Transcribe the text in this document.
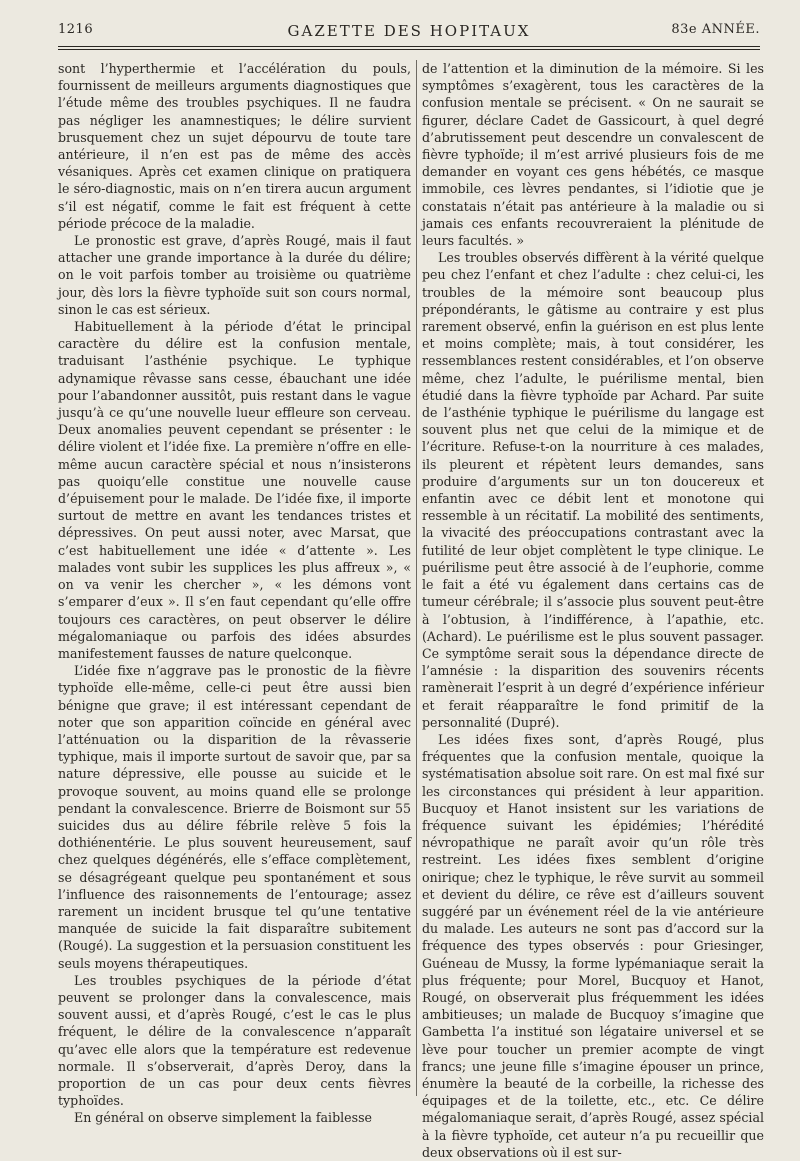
1216	GAZETTE DES HOPITAUX	83e ANNÉE.

sont l’hyperthermie et l’accélération du pouls, fournissent de meilleurs arguments diagnostiques que l’étude même des troubles psychiques. Il ne faudra pas négliger les anamnestiques; le délire survient brusquement chez un sujet dépourvu de toute tare antérieure, il n’en est pas de même des accès vésaniques. Après cet examen clinique on pratiquera le séro-diagnostic, mais on n’en tirera aucun argument s’il est négatif, comme le fait est fréquent à cette période précoce de la maladie.

Le pronostic est grave, d’après Rougé, mais il faut attacher une grande importance à la durée du délire; on le voit parfois tomber au troisième ou quatrième jour, dès lors la fièvre typhoïde suit son cours normal, sinon le cas est sérieux.

Habituellement à la période d’état le principal caractère du délire est la confusion mentale, traduisant l’asthénie psychique. Le typhique adynamique rêvasse sans cesse, ébauchant une idée pour l’abandonner aussitôt, puis restant dans le vague jusqu’à ce qu’une nouvelle lueur effleure son cerveau. Deux anomalies peuvent cependant se présenter : le délire violent et l’idée fixe. La première n’offre en elle-même aucun caractère spécial et nous n’insisterons pas quoiqu’elle constitue une nouvelle cause d’épuisement pour le malade. De l’idée fixe, il importe surtout de mettre en avant les tendances tristes et dépressives. On peut aussi noter, avec Marsat, que c’est habituellement une idée « d’attente ». Les malades vont subir les supplices les plus affreux », « on va venir les chercher », « les démons vont s’emparer d’eux ». Il s’en faut cependant qu’elle offre toujours ces caractères, on peut observer le délire mégalomaniaque ou parfois des idées absurdes manifestement fausses de nature quelconque.

L’idée fixe n’aggrave pas le pronostic de la fièvre typhoïde elle-même, celle-ci peut être aussi bien bénigne que grave; il est intéressant cependant de noter que son apparition coïncide en général avec l’atténuation ou la disparition de la rêvasserie typhique, mais il importe surtout de savoir que, par sa nature dépressive, elle pousse au suicide et le provoque souvent, au moins quand elle se prolonge pendant la convalescence. Brierre de Boismont sur 55 suicides dus au délire fébrile relève 5 fois la dothiénentérie. Le plus souvent heureusement, sauf chez quelques dégénérés, elle s’efface complètement, se désagrégeant quelque peu spontanément et sous l’influence des raisonnements de l’entourage; assez rarement un incident brusque tel qu’une tentative manquée de suicide la fait disparaître subitement (Rougé). La suggestion et la persuasion constituent les seuls moyens thérapeutiques.

Les troubles psychiques de la période d’état peuvent se prolonger dans la convalescence, mais souvent aussi, et d’après Rougé, c’est le cas le plus fréquent, le délire de la convalescence n’apparaît qu’avec elle alors que la température est redevenue normale. Il s’observerait, d’après Deroy, dans la proportion de un cas pour deux cents fièvres typhoïdes.

En général on observe simplement la faiblesse

de l’attention et la diminution de la mémoire. Si les symptômes s’exagèrent, tous les caractères de la confusion mentale se précisent. « On ne saurait se figurer, déclare Cadet de Gassicourt, à quel degré d’abrutissement peut descendre un convalescent de fièvre typhoïde; il m’est arrivé plusieurs fois de me demander en voyant ces gens hébétés, ce masque immobile, ces lèvres pendantes, si l’idiotie que je constatais n’était pas antérieure à la maladie ou si jamais ces enfants recouvreraient la plénitude de leurs facultés. »

Les troubles observés diffèrent à la vérité quelque peu chez l’enfant et chez l’adulte : chez celui-ci, les troubles de la mémoire sont beaucoup plus prépondérants, le gâtisme au contraire y est plus rarement observé, enfin la guérison en est plus lente et moins complète; mais, à tout considérer, les ressemblances restent considérables, et l’on observe même, chez l’adulte, le puérilisme mental, bien étudié dans la fièvre typhoïde par Achard. Par suite de l’asthénie typhique le puérilisme du langage est souvent plus net que celui de la mimique et de l’écriture. Refuse-t-on la nourriture à ces malades, ils pleurent et répètent leurs demandes, sans produire d’arguments sur un ton doucereux et enfantin avec ce débit lent et monotone qui ressemble à un récitatif. La mobilité des sentiments, la vivacité des préoccupations contrastant avec la futilité de leur objet complètent le type clinique. Le puérilisme peut être associé à de l’euphorie, comme le fait a été vu également dans certains cas de tumeur cérébrale; il s’associe plus souvent peut-être à l’obtusion, à l’indifférence, à l’apathie, etc. (Achard). Le puérilisme est le plus souvent passager. Ce symptôme serait sous la dépendance directe de l’amnésie : la disparition des souvenirs récents ramènerait l’esprit à un degré d’expérience inférieur et ferait réapparaître le fond primitif de la personnalité (Dupré).

Les idées fixes sont, d’après Rougé, plus fréquentes que la confusion mentale, quoique la systématisation absolue soit rare. On est mal fixé sur les circonstances qui président à leur apparition. Bucquoy et Hanot insistent sur les variations de fréquence suivant les épidémies; l’hérédité névropathique ne paraît avoir qu’un rôle très restreint. Les idées fixes semblent d’origine onirique; chez le typhique, le rêve survit au sommeil et devient du délire, ce rêve est d’ailleurs souvent suggéré par un événement réel de la vie antérieure du malade. Les auteurs ne sont pas d’accord sur la fréquence des types observés : pour Griesinger, Guéneau de Mussy, la forme lypémaniaque serait la plus fréquente; pour Morel, Bucquoy et Hanot, Rougé, on observerait plus fréquemment les idées ambitieuses; un malade de Bucquoy s’imagine que Gambetta l’a institué son légataire universel et se lève pour toucher un premier acompte de vingt francs; une jeune fille s’imagine épouser un prince, énumère la beauté de la corbeille, la richesse des équipages et de la toilette, etc., etc. Ce délire mégalomaniaque serait, d’après Rougé, assez spécial à la fièvre typhoïde, cet auteur n’a pu recueillir que deux observations où il est sur-
